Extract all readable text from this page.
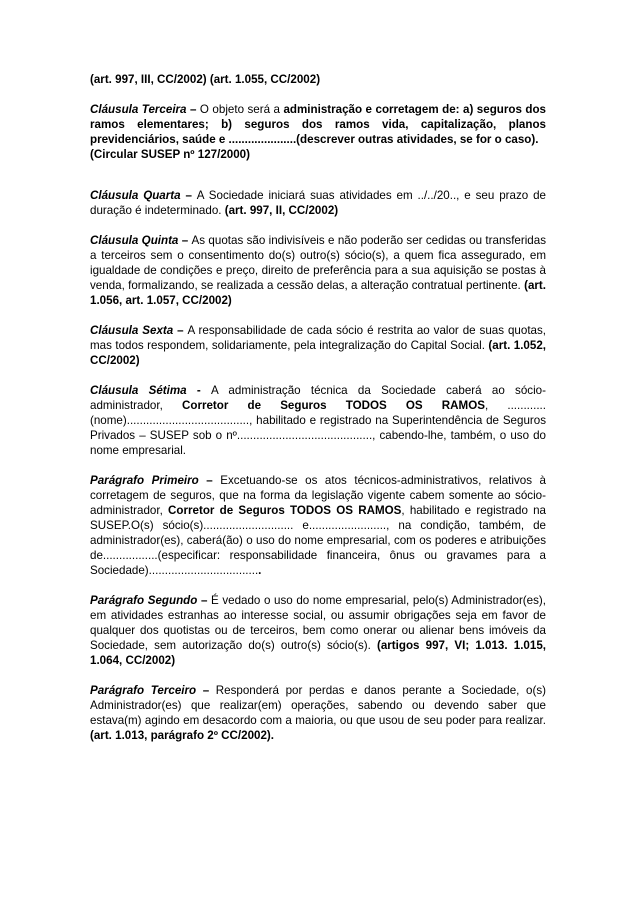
(art. 997, III, CC/2002) (art. 1.055, CC/2002)

Cláusula Terceira – O objeto será a administração e corretagem de: a) seguros dos ramos elementares; b) seguros dos ramos vida, capitalização, planos previdenciários, saúde e .....................(descrever outras atividades, se for o caso).

(Circular SUSEP nº 127/2000)

Cláusula Quarta – A Sociedade iniciará suas atividades em ../../20.., e seu prazo de duração é indeterminado. (art. 997, II, CC/2002)

Cláusula Quinta – As quotas são indivisíveis e não poderão ser cedidas ou transferidas a terceiros sem o consentimento do(s) outro(s) sócio(s), a quem fica assegurado, em igualdade de condições e preço, direito de preferência para a sua aquisição se postas à venda, formalizando, se realizada a cessão delas, a alteração contratual pertinente. (art. 1.056, art. 1.057, CC/2002)

Cláusula Sexta – A responsabilidade de cada sócio é restrita ao valor de suas quotas, mas todos respondem, solidariamente, pela integralização do Capital Social. (art. 1.052, CC/2002)

Cláusula Sétima - A administração técnica da Sociedade caberá ao sócio-administrador, Corretor de Seguros TODOS OS RAMOS, ............(nome)......................................, habilitado e registrado na Superintendência de Seguros Privados – SUSEP sob o nº.........................................., cabendo-lhe, também, o uso do nome empresarial.

Parágrafo Primeiro – Excetuando-se os atos técnicos-administrativos, relativos à corretagem de seguros, que na forma da legislação vigente cabem somente ao sócio-administrador, Corretor de Seguros TODOS OS RAMOS, habilitado e registrado na SUSEP.O(s) sócio(s)............................ e........................, na condição, também, de administrador(es), caberá(ão) o uso do nome empresarial, com os poderes e atribuições de.................(especificar: responsabilidade financeira, ônus ou gravames para a Sociedade)...................................

Parágrafo Segundo – É vedado o uso do nome empresarial, pelo(s) Administrador(es), em atividades estranhas ao interesse social, ou assumir obrigações seja em favor de qualquer dos quotistas ou de terceiros, bem como onerar ou alienar bens imóveis da Sociedade, sem autorização do(s) outro(s) sócio(s). (artigos 997, VI; 1.013. 1.015, 1.064, CC/2002)

Parágrafo Terceiro – Responderá por perdas e danos perante a Sociedade, o(s) Administrador(es) que realizar(em) operações, sabendo ou devendo saber que estava(m) agindo em desacordo com a maioria, ou que usou de seu poder para realizar. (art. 1.013, parágrafo 2º CC/2002).
